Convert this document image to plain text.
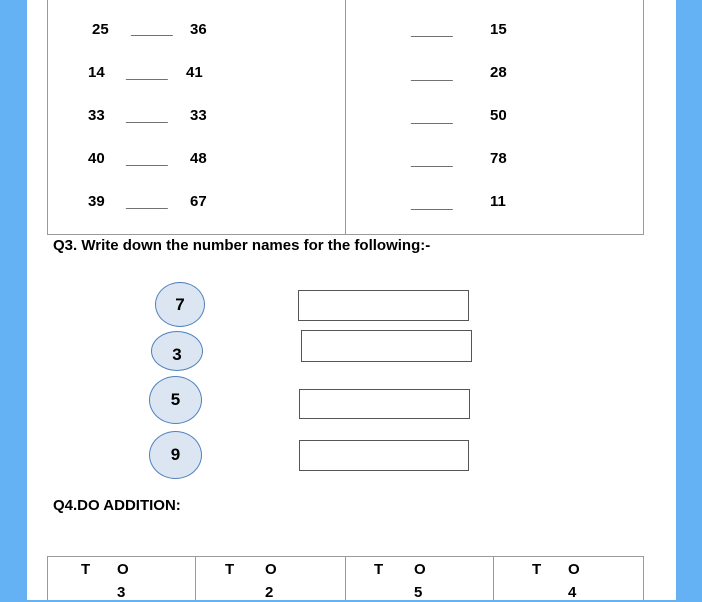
25 _____ 36
14 _____ 41
33 _____ 33
40 _____ 48
39 _____ 67
_____ 15
_____ 28
_____ 50
_____ 78
_____ 11
Q3. Write down the number names for the following:-
7
3
5
9
Q4.DO ADDITION:
T O
3
T O
2
T O
5
T O
4
